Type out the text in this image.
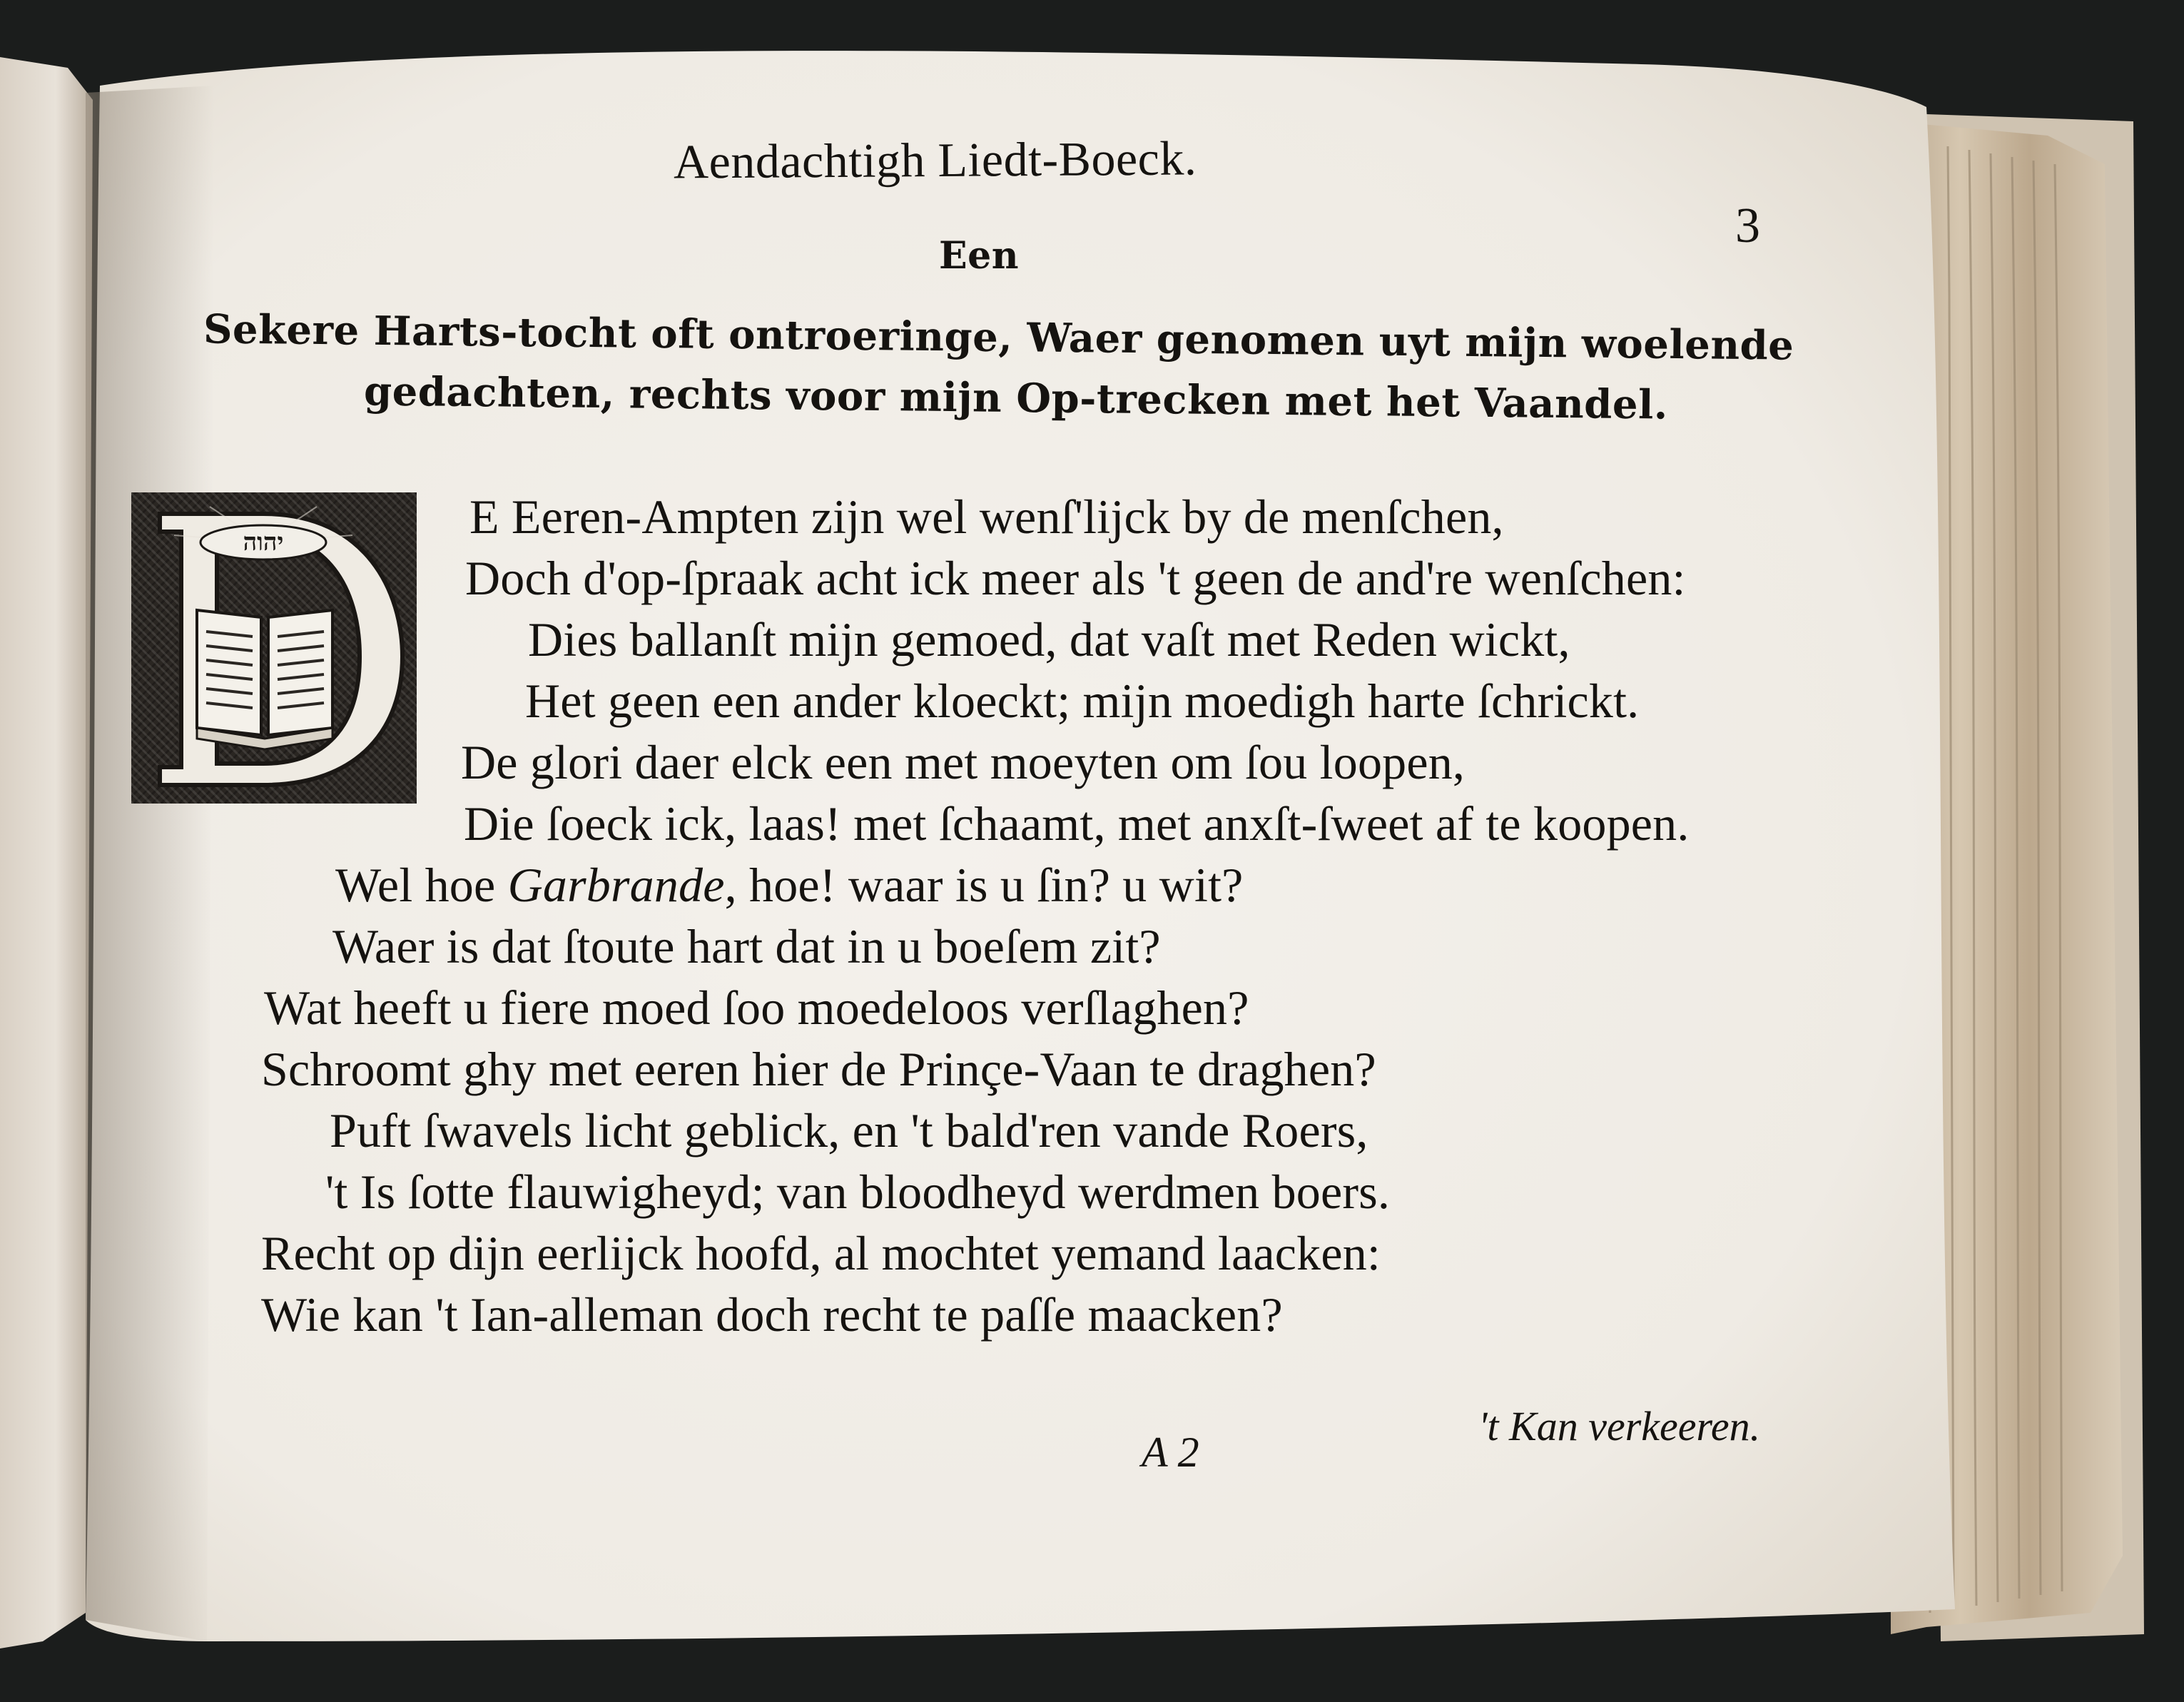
Aendachtigh Liedt-Boeck.
3
Een
Sekere Harts-tocht oft ontroeringe, Waer genomen uyt mijn woelende
gedachten, rechts voor mijn Op-trecken met het Vaandel.
יהוה	E Eeren-Ampten zijn wel wenſ'lijck by de menſchen,
Doch d'op-ſpraak acht ick meer als 't geen de and're wenſchen:
Dies ballanſt mijn gemoed, dat vaſt met Reden wickt,
Het geen een ander kloeckt; mijn moedigh harte ſchrickt.
De glori daer elck een met moeyten om ſou loopen,
Die ſoeck ick, laas! met ſchaamt, met anxſt-ſweet af te koopen.
Wel hoe Garbrande, hoe! waar is u ſin? u wit?
Waer is dat ſtoute hart dat in u boeſem zit?
Wat heeft u fiere moed ſoo moedeloos verſlaghen?
Schroomt ghy met eeren hier de Prinçe-Vaan te draghen?
Puft ſwavels licht geblick, en 't bald'ren vande Roers,
't Is ſotte flauwigheyd; van bloodheyd werdmen boers.
Recht op dijn eerlijck hoofd, al mochtet yemand laacken:
Wie kan 't Ian-alleman doch recht te paſſe maacken?
A 2
't Kan verkeeren.
